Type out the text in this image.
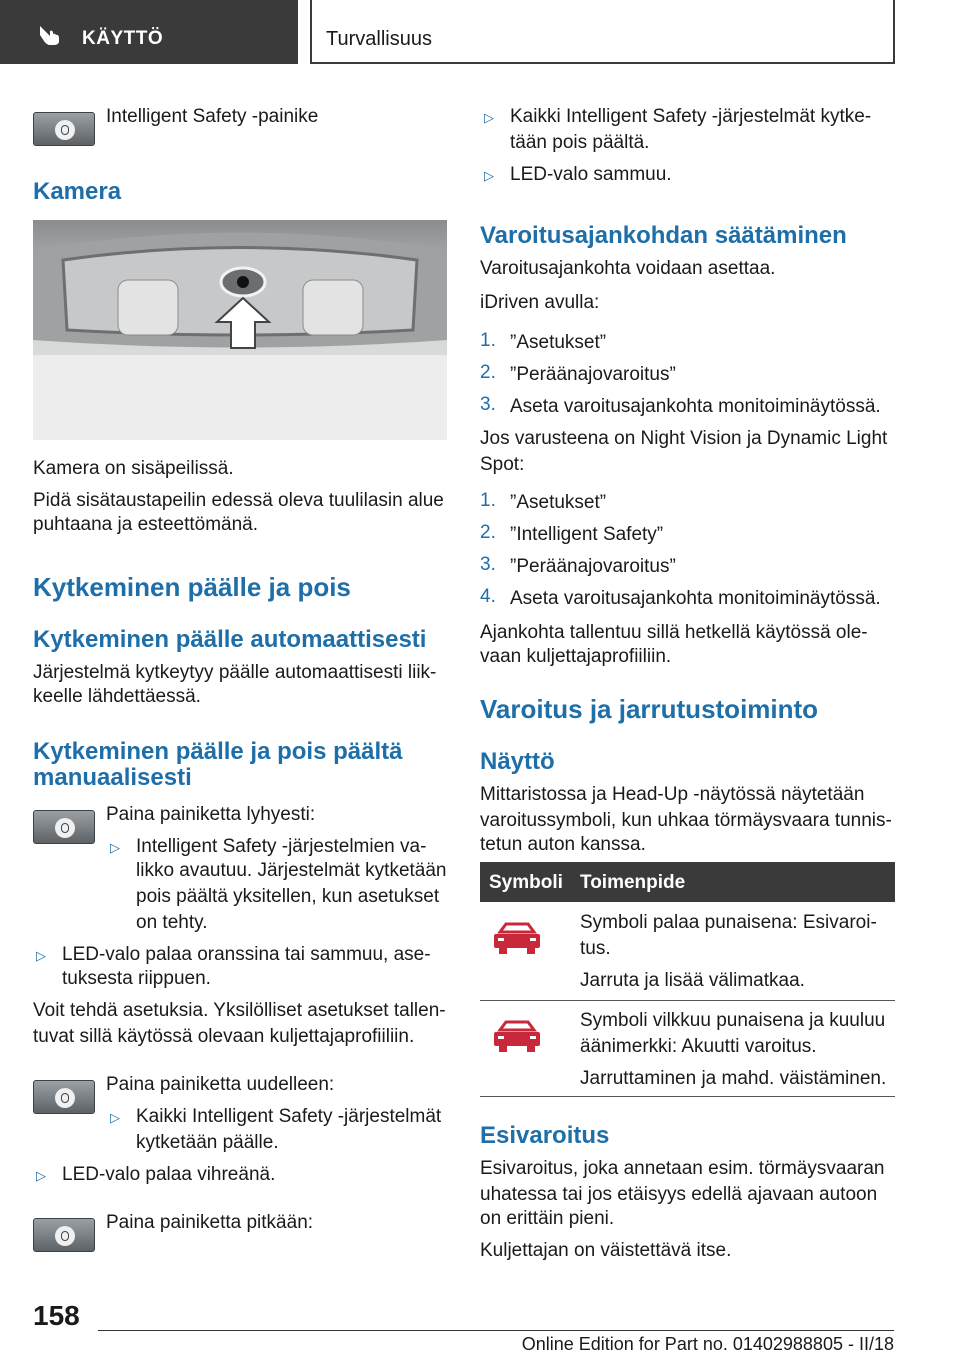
KÄYTTÖ	Turvallisuus
Intelligent Safety -painike
Kamera
Kamera on sisäpeilissä.
Pidä sisätaustapeilin edessä oleva tuulilasin alue
puhtaana ja esteettömänä.
Kytkeminen päälle ja pois
Kytkeminen päälle automaattisesti
Järjestelmä kytkeytyy päälle automaattisesti liik-
keelle lähdettäessä.
Kytkeminen päälle ja pois päältä
manuaalisesti
Paina painiketta lyhyesti:
▷ Intelligent Safety -järjestelmien va-
likko avautuu. Järjestelmät kytketään
pois päältä yksitellen, kun asetukset
on tehty.
▷ LED-valo palaa oranssina tai sammuu, ase-
tuksesta riippuen.
Voit tehdä asetuksia. Yksilölliset asetukset tallen-
tuvat sillä käytössä olevaan kuljettajaprofiiliin.
Paina painiketta uudelleen:
▷ Kaikki Intelligent Safety -järjestelmät
kytketään päälle.
▷ LED-valo palaa vihreänä.
Paina painiketta pitkään:
▷ Kaikki Intelligent Safety -järjestelmät kytke-
tään pois päältä.
▷ LED-valo sammuu.
Varoitusajankohdan säätäminen
Varoitusajankohta voidaan asettaa.
iDriven avulla:
1. ”Asetukset”
2. ”Peräänajovaroitus”
3. Aseta varoitusajankohta monitoiminäytössä.
Jos varusteena on Night Vision ja Dynamic Light
Spot:
1. ”Asetukset”
2. ”Intelligent Safety”
3. ”Peräänajovaroitus”
4. Aseta varoitusajankohta monitoiminäytössä.
Ajankohta tallentuu sillä hetkellä käytössä ole-
vaan kuljettajaprofiiliin.
Varoitus ja jarrutustoiminto
Näyttö
Mittaristossa ja Head-Up -näytössä näytetään
varoitussymboli, kun uhkaa törmäysvaara tunnis-
tetun auton kanssa.
Symboli Toimenpide
Symboli palaa punaisena: Esivaroi-
tus.
Jarruta ja lisää välimatkaa.
Symboli vilkkuu punaisena ja kuuluu
äänimerkki: Akuutti varoitus.
Jarruttaminen ja mahd. väistäminen.
Esivaroitus
Esivaroitus, joka annetaan esim. törmäysvaaran
uhatessa tai jos etäisyys edellä ajavaan autoon
on erittäin pieni.
Kuljettajan on väistettävä itse.
158
Online Edition for Part no. 01402988805 - II/18
